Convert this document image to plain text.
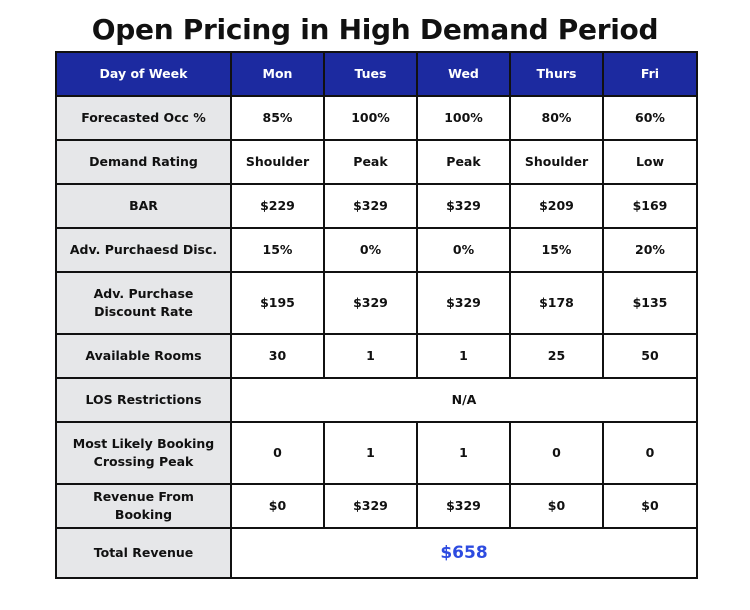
Open Pricing in High Demand Period
Day of Week	Mon	Tues	Wed	Thurs	Fri
Forecasted Occ %	85%	100%	100%	80%	60%
Demand Rating	Shoulder	Peak	Peak	Shoulder	Low
BAR	$229	$329	$329	$209	$169
Adv. Purchaesd Disc.	15%	0%	0%	15%	20%
Adv. Purchase Discount Rate	$195	$329	$329	$178	$135
Available Rooms	30	1	1	25	50
LOS Restrictions	N/A				
Most Likely Booking Crossing Peak	0	1	1	0	0
Revenue From Booking	$0	$329	$329	$0	$0
Total Revenue	$658				
